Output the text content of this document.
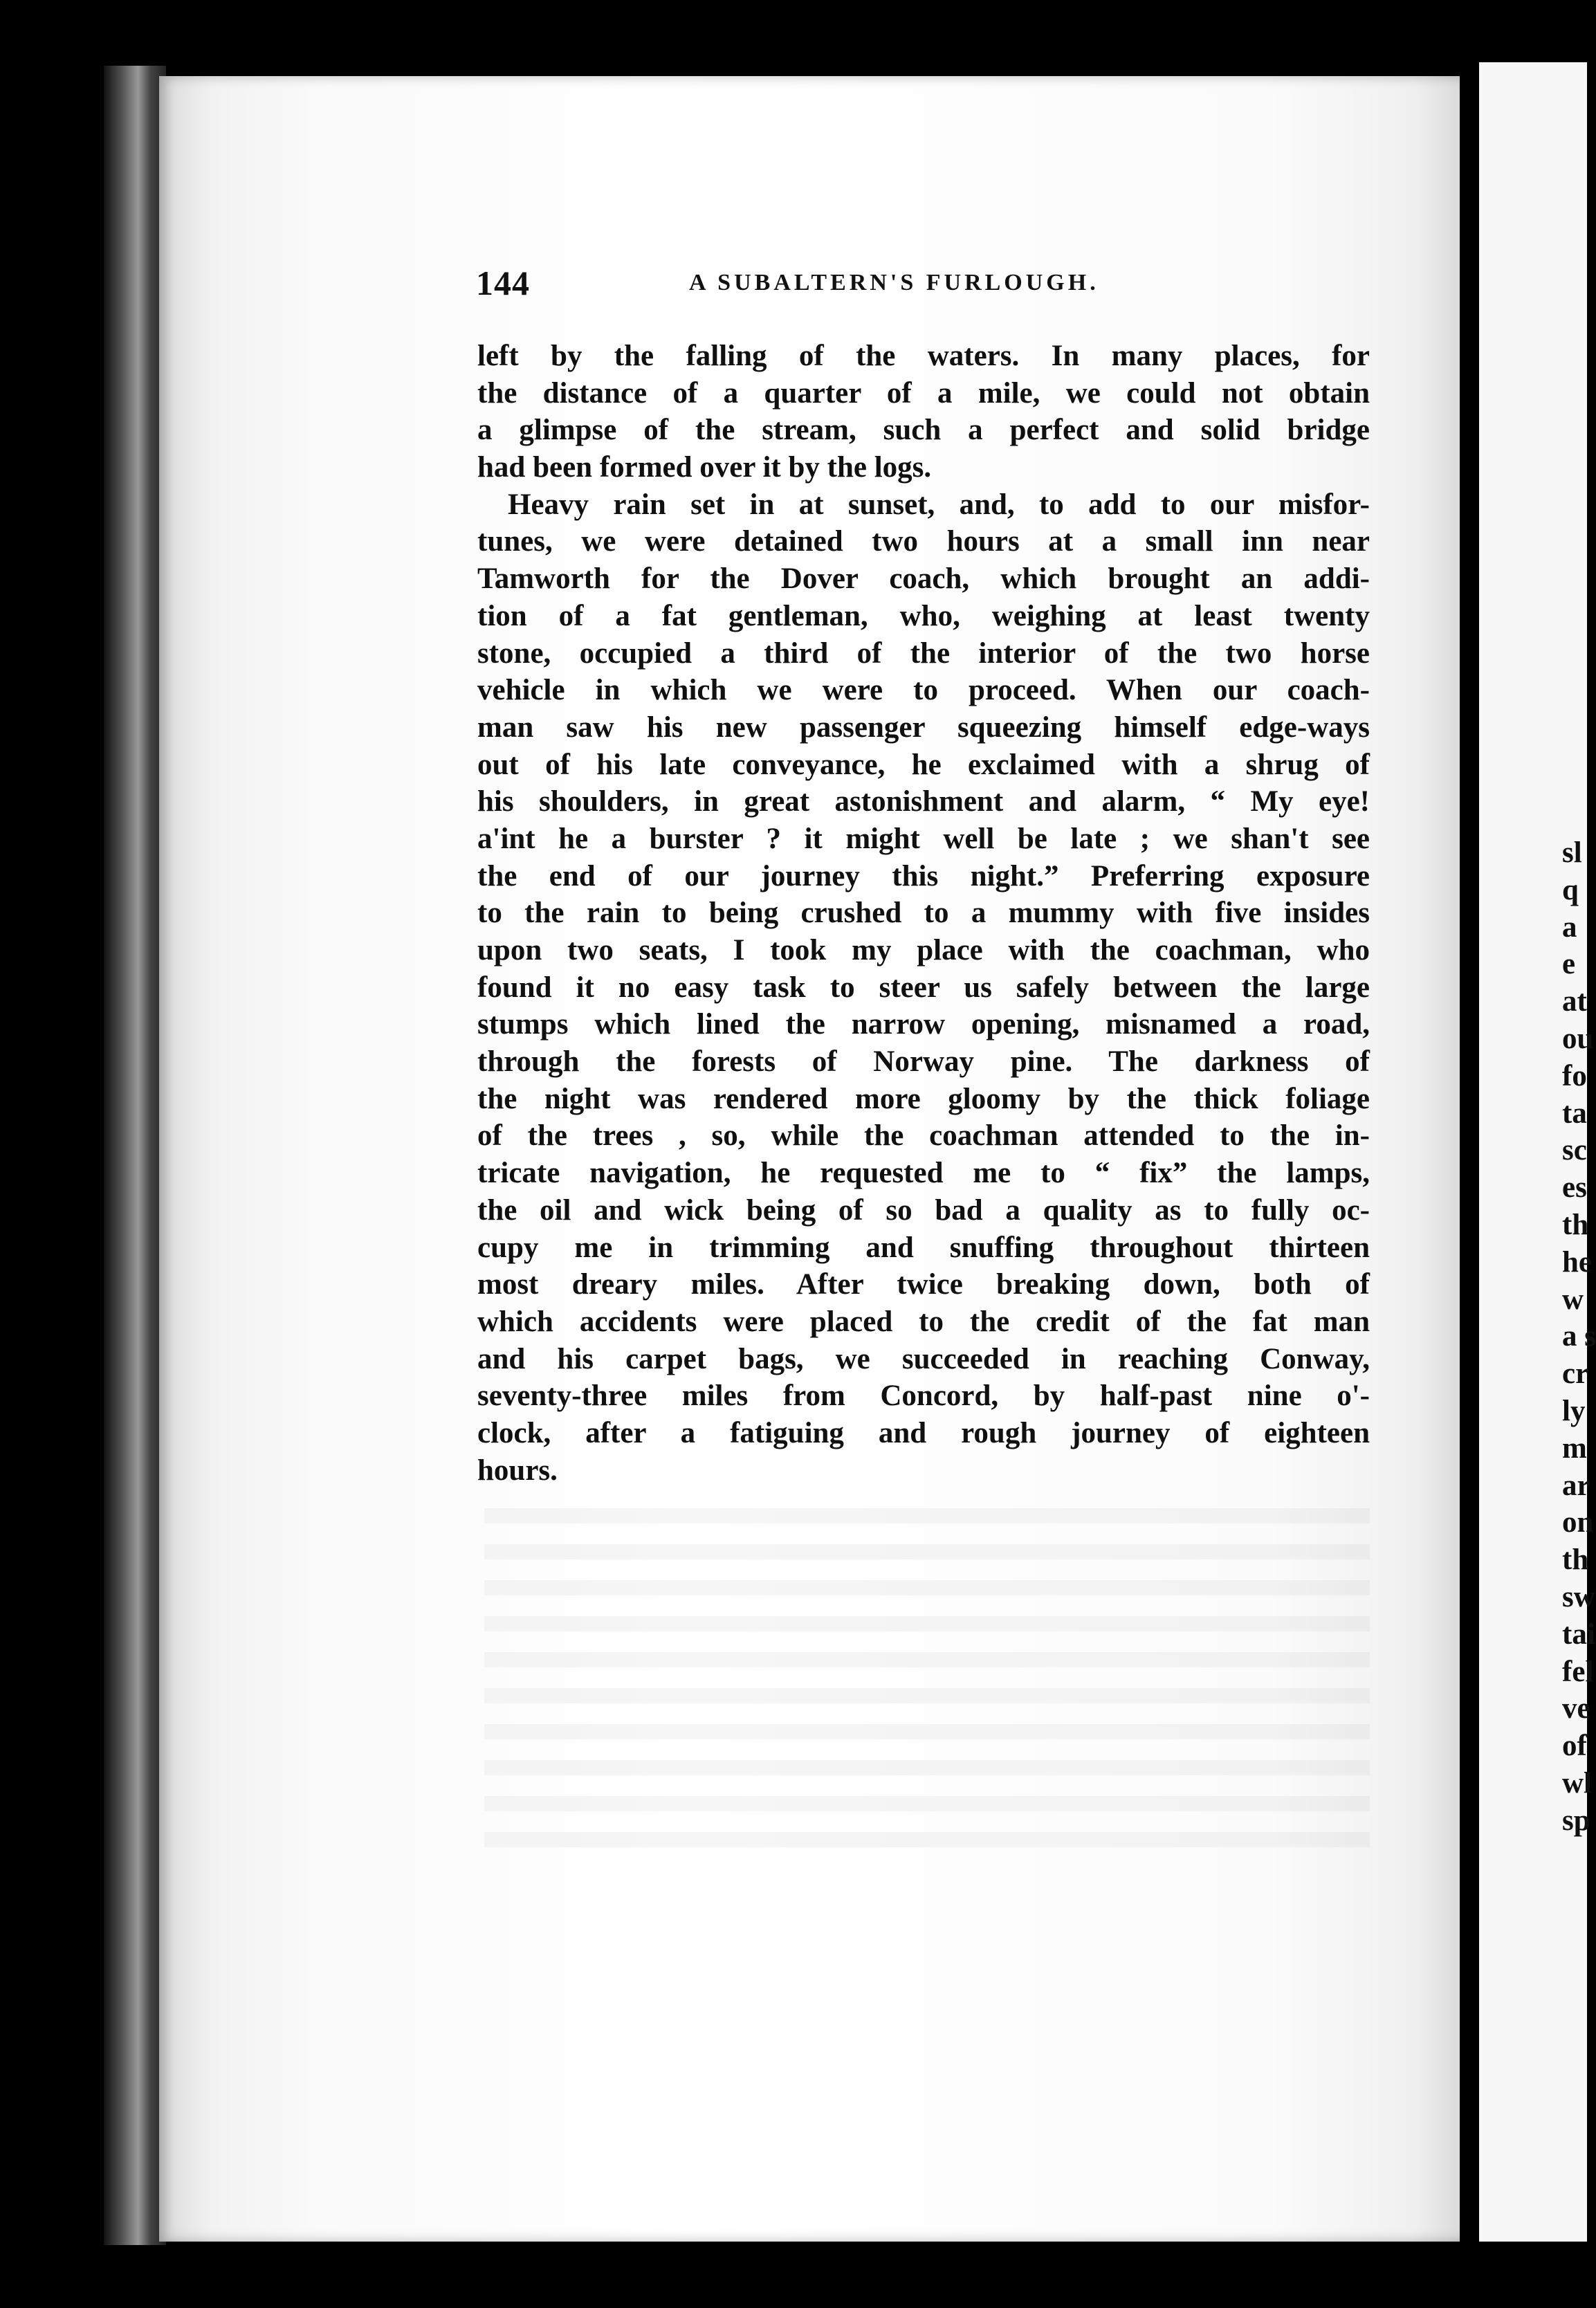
144	A SUBALTERN'S FURLOUGH.
left by the falling of the waters. In many places, for
the distance of a quarter of a mile, we could not obtain
a glimpse of the stream, such a perfect and solid bridge
had been formed over it by the logs.
Heavy rain set in at sunset, and, to add to our misfor-
tunes, we were detained two hours at a small inn near
Tamworth for the Dover coach, which brought an addi-
tion of a fat gentleman, who, weighing at least twenty
stone, occupied a third of the interior of the two horse
vehicle in which we were to proceed. When our coach-
man saw his new passenger squeezing himself edge-ways
out of his late conveyance, he exclaimed with a shrug of
his shoulders, in great astonishment and alarm, “ My eye!
a'int he a burster ? it might well be late ; we shan't see
the end of our journey this night.” Preferring exposure
to the rain to being crushed to a mummy with five insides
upon two seats, I took my place with the coachman, who
found it no easy task to steer us safely between the large
stumps which lined the narrow opening, misnamed a road,
through the forests of Norway pine. The darkness of
the night was rendered more gloomy by the thick foliage
of the trees , so, while the coachman attended to the in-
tricate navigation, he requested me to “ fix” the lamps,
the oil and wick being of so bad a quality as to fully oc-
cupy me in trimming and snuffing throughout thirteen
most dreary miles. After twice breaking down, both of
which accidents were placed to the credit of the fat man
and his carpet bags, we succeeded in reaching Conway,
seventy-three miles from Concord, by half-past nine o'-
clock, after a fatiguing and rough journey of eighteen
hours.
sl
q
a
e
at
ou
fo
ta
sc
es
th
he
w
a s
cr
ly
m
ar
on
th
sw
tai
fel
ve
of
wl
sp
